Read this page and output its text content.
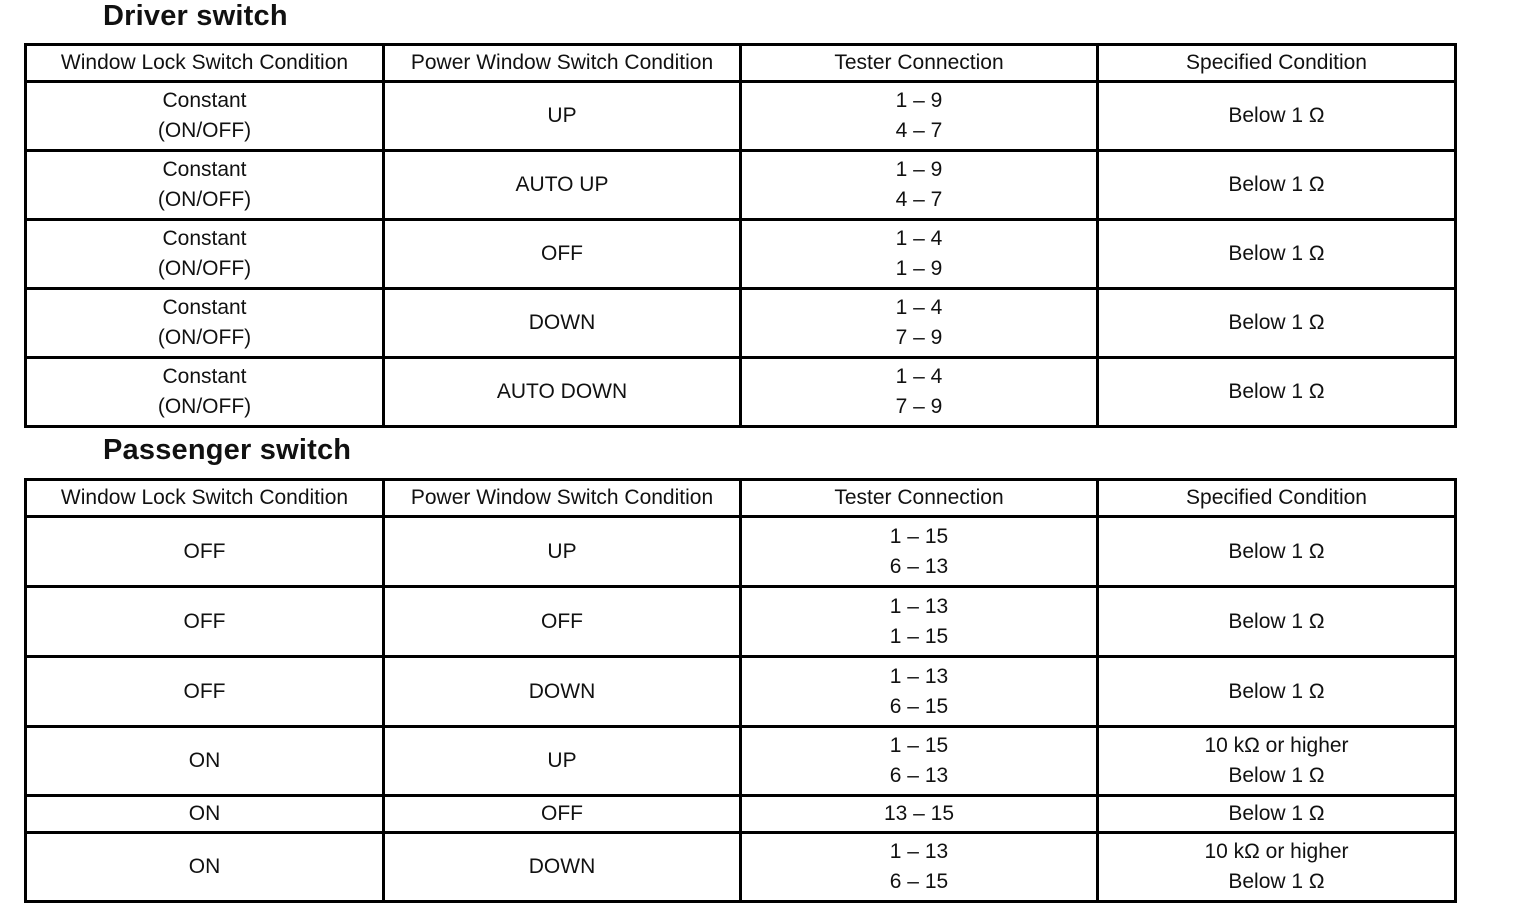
Driver switch
Window Lock Switch Condition	Power Window Switch Condition	Tester Connection	Specified Condition

Constant
(ON/OFF)	UP	1 – 9
4 – 7	Below 1 Ω

Constant
(ON/OFF)	AUTO UP	1 – 9
4 – 7	Below 1 Ω

Constant
(ON/OFF)	OFF	1 – 4
1 – 9	Below 1 Ω

Constant
(ON/OFF)	DOWN	1 – 4
7 – 9	Below 1 Ω

Constant
(ON/OFF)	AUTO DOWN	1 – 4
7 – 9	Below 1 Ω
Passenger switch
Window Lock Switch Condition	Power Window Switch Condition	Tester Connection	Specified Condition

OFF	UP	1 – 15
6 – 13	Below 1 Ω

OFF	OFF	1 – 13
1 – 15	Below 1 Ω

OFF	DOWN	1 – 13
6 – 15	Below 1 Ω

ON	UP	1 – 15
6 – 13	10 kΩ or higher
Below 1 Ω

ON	OFF	13 – 15	Below 1 Ω

ON	DOWN	1 – 13
6 – 15	10 kΩ or higher
Below 1 Ω
